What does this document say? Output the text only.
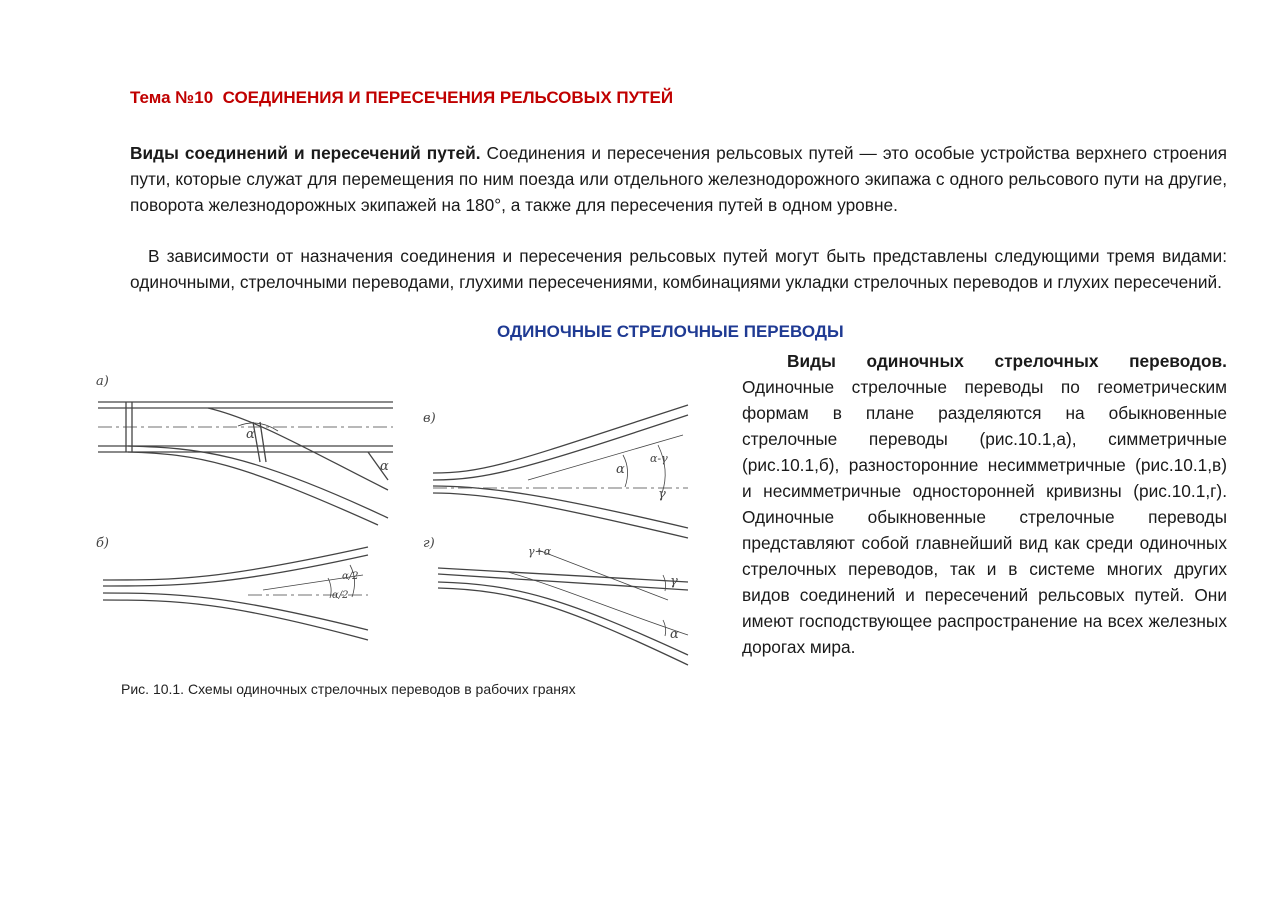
Тема №10  СОЕДИНЕНИЯ И ПЕРЕСЕЧЕНИЯ РЕЛЬСОВЫХ ПУТЕЙ

Виды соединений и пересечений путей. Соединения и пересечения рельсовых путей — это особые устройства верхнего строения пути, которые служат для перемещения по ним поезда или отдельного железнодорожного экипажа с одного рельсового пути на другие, поворота железнодорожных экипажей на 180°, а также для пересечения путей в одном уровне.

В зависимости от назначения соединения и пересечения рельсовых путей могут быть представлены следующими тремя видами: одиночными, стрелочными переводами, глухими пересечениями, комбинациями укладки стрелочных переводов и глухих пересечений.

ОДИНОЧНЫЕ СТРЕЛОЧНЫЕ ПЕРЕВОДЫ

Виды одиночных стрелочных переводов. Одиночные стрелочные переводы по геометрическим формам в плане разделяются на обыкновенные стрелочные переводы (рис.10.1,а), симметричные (рис.10.1,б), разносторонние несимметричные (рис.10.1,в) и несимметричные односторонней кривизны (рис.10.1,г). Одиночные обыкновенные стрелочные переводы представляют собой главнейший вид как среди одиночных стрелочных переводов, так и в системе многих других видов соединений и пересечений рельсовых путей. Они имеют господствующее распространение на всех железных дорогах мира.

а)
б)
в)
г)
α
α
α/2
α/2
α
α-γ
γ
γ+α
γ
α
Рис. 10.1. Схемы одиночных стрелочных переводов в рабочих гранях
